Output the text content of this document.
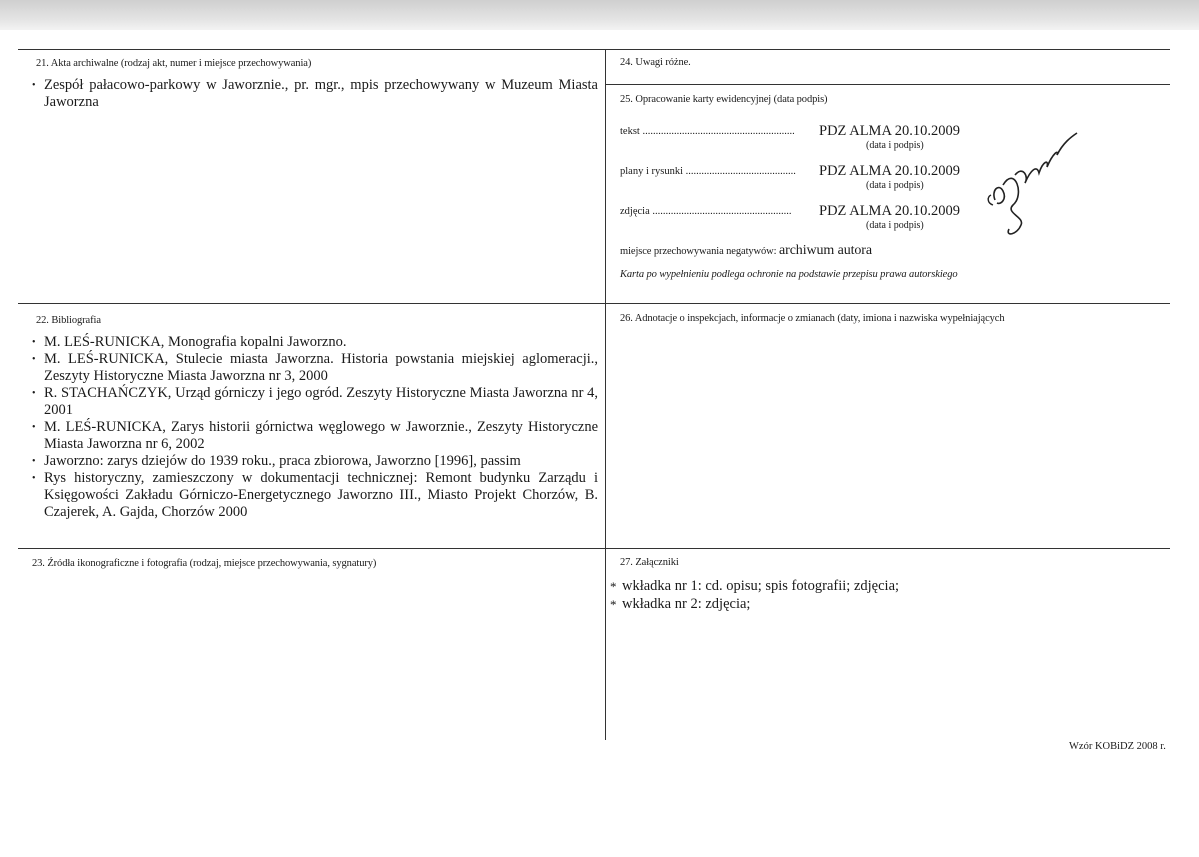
21. Akta archiwalne (rodzaj akt, numer i miejsce przechowywania)
• Zespół pałacowo-parkowy w Jaworznie., pr. mgr., mpis przechowywany w Muzeum Miasta Jaworzna
24. Uwagi różne.
25. Opracowanie karty ewidencyjnej (data podpis)
tekst .......................................................... PDZ ALMA 20.10.2009
(data i podpis)
plany i rysunki .......................................... PDZ ALMA 20.10.2009
(data i podpis)
zdjęcia ..................................................... PDZ ALMA 20.10.2009
(data i podpis)
miejsce przechowywania negatywów: archiwum autora
Karta po wypełnieniu podlega ochronie na podstawie przepisu prawa autorskiego
22. Bibliografia
• M. LEŚ-RUNICKA, Monografia kopalni Jaworzno.
• M. LEŚ-RUNICKA, Stulecie miasta Jaworzna. Historia powstania miejskiej aglomeracji., Zeszyty Historyczne Miasta Jaworzna nr 3, 2000
• R. STACHAŃCZYK, Urząd górniczy i jego ogród. Zeszyty Historyczne Miasta Jaworzna nr 4, 2001
• M. LEŚ-RUNICKA, Zarys historii górnictwa węglowego w Jaworznie., Zeszyty Historyczne Miasta Jaworzna nr 6, 2002
• Jaworzno: zarys dziejów do 1939 roku., praca zbiorowa, Jaworzno [1996], passim
• Rys historyczny, zamieszczony w dokumentacji technicznej: Remont budynku Zarządu i Księgowości Zakładu Górniczo-Energetycznego Jaworzno III., Miasto Projekt Chorzów, B. Czajerek, A. Gajda, Chorzów 2000
26. Adnotacje o inspekcjach, informacje o zmianach (daty, imiona i nazwiska wypełniających
23. Źródła ikonograficzne i fotografia (rodzaj, miejsce przechowywania, sygnatury)	27. Załączniki
* wkładka nr 1: cd. opisu; spis fotografii; zdjęcia;
* wkładka nr 2: zdjęcia;
Wzór KOBiDZ 2008 r.
